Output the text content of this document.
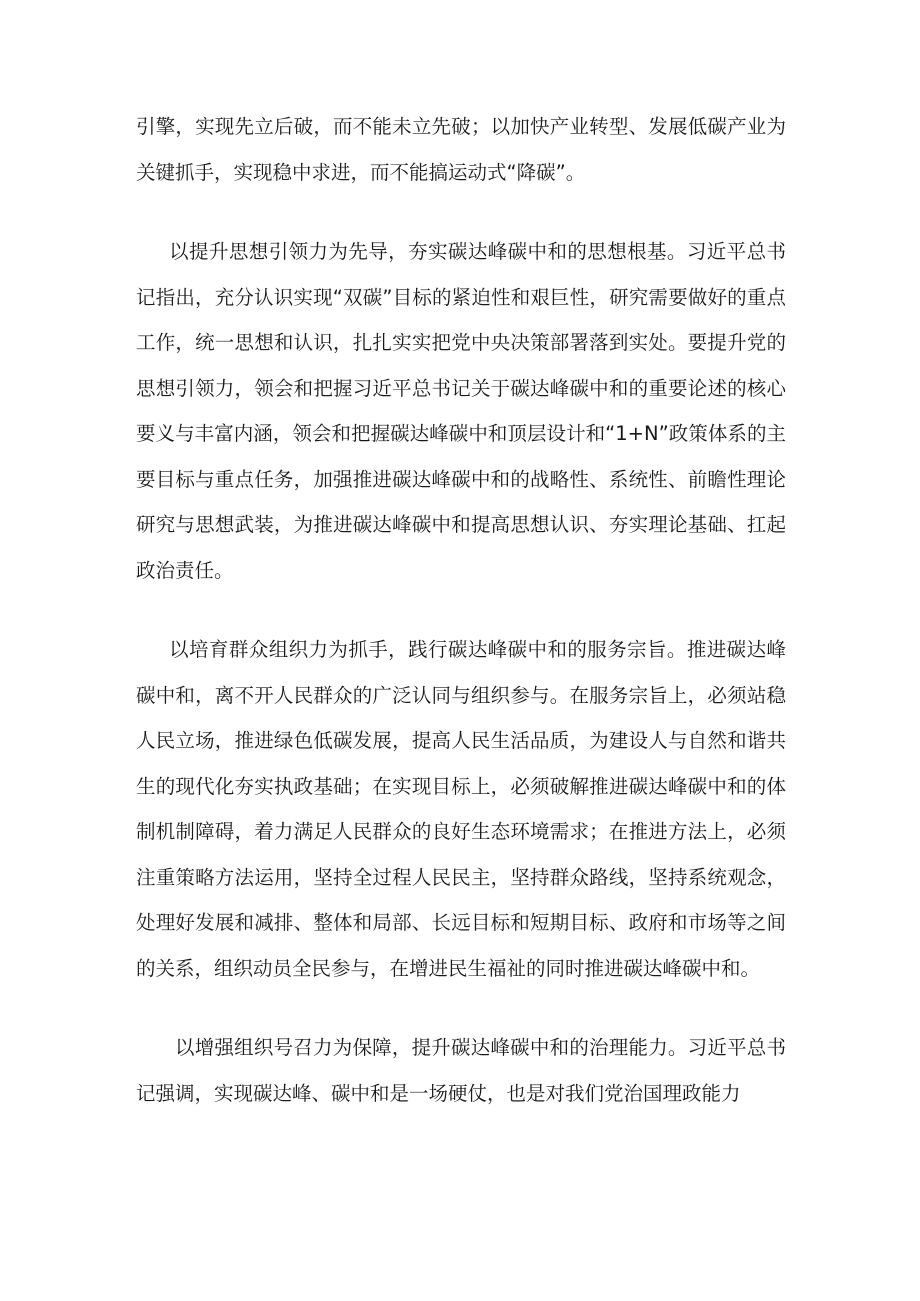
引擎，实现先立后破，而不能未立先破；以加快产业转型、发展低碳产业为关键抓手，实现稳中求进，而不能搞运动式“降碳”。

以提升思想引领力为先导，夯实碳达峰碳中和的思想根基。习近平总书记指出，充分认识实现“双碳”目标的紧迫性和艰巨性，研究需要做好的重点工作，统一思想和认识，扎扎实实把党中央决策部署落到实处。要提升党的思想引领力，领会和把握习近平总书记关于碳达峰碳中和的重要论述的核心要义与丰富内涵，领会和把握碳达峰碳中和顶层设计和“1+N”政策体系的主要目标与重点任务，加强推进碳达峰碳中和的战略性、系统性、前瞻性理论研究与思想武装，为推进碳达峰碳中和提高思想认识、夯实理论基础、扛起政治责任。

以培育群众组织力为抓手，践行碳达峰碳中和的服务宗旨。推进碳达峰碳中和，离不开人民群众的广泛认同与组织参与。在服务宗旨上，必须站稳人民立场，推进绿色低碳发展，提高人民生活品质，为建设人与自然和谐共生的现代化夯实执政基础；在实现目标上，必须破解推进碳达峰碳中和的体制机制障碍，着力满足人民群众的良好生态环境需求；在推进方法上，必须注重策略方法运用，坚持全过程人民民主，坚持群众路线，坚持系统观念，处理好发展和减排、整体和局部、长远目标和短期目标、政府和市场等之间的关系，组织动员全民参与，在增进民生福祉的同时推进碳达峰碳中和。

以增强组织号召力为保障，提升碳达峰碳中和的治理能力。习近平总书记强调，实现碳达峰、碳中和是一场硬仗，也是对我们党治国理政能力
